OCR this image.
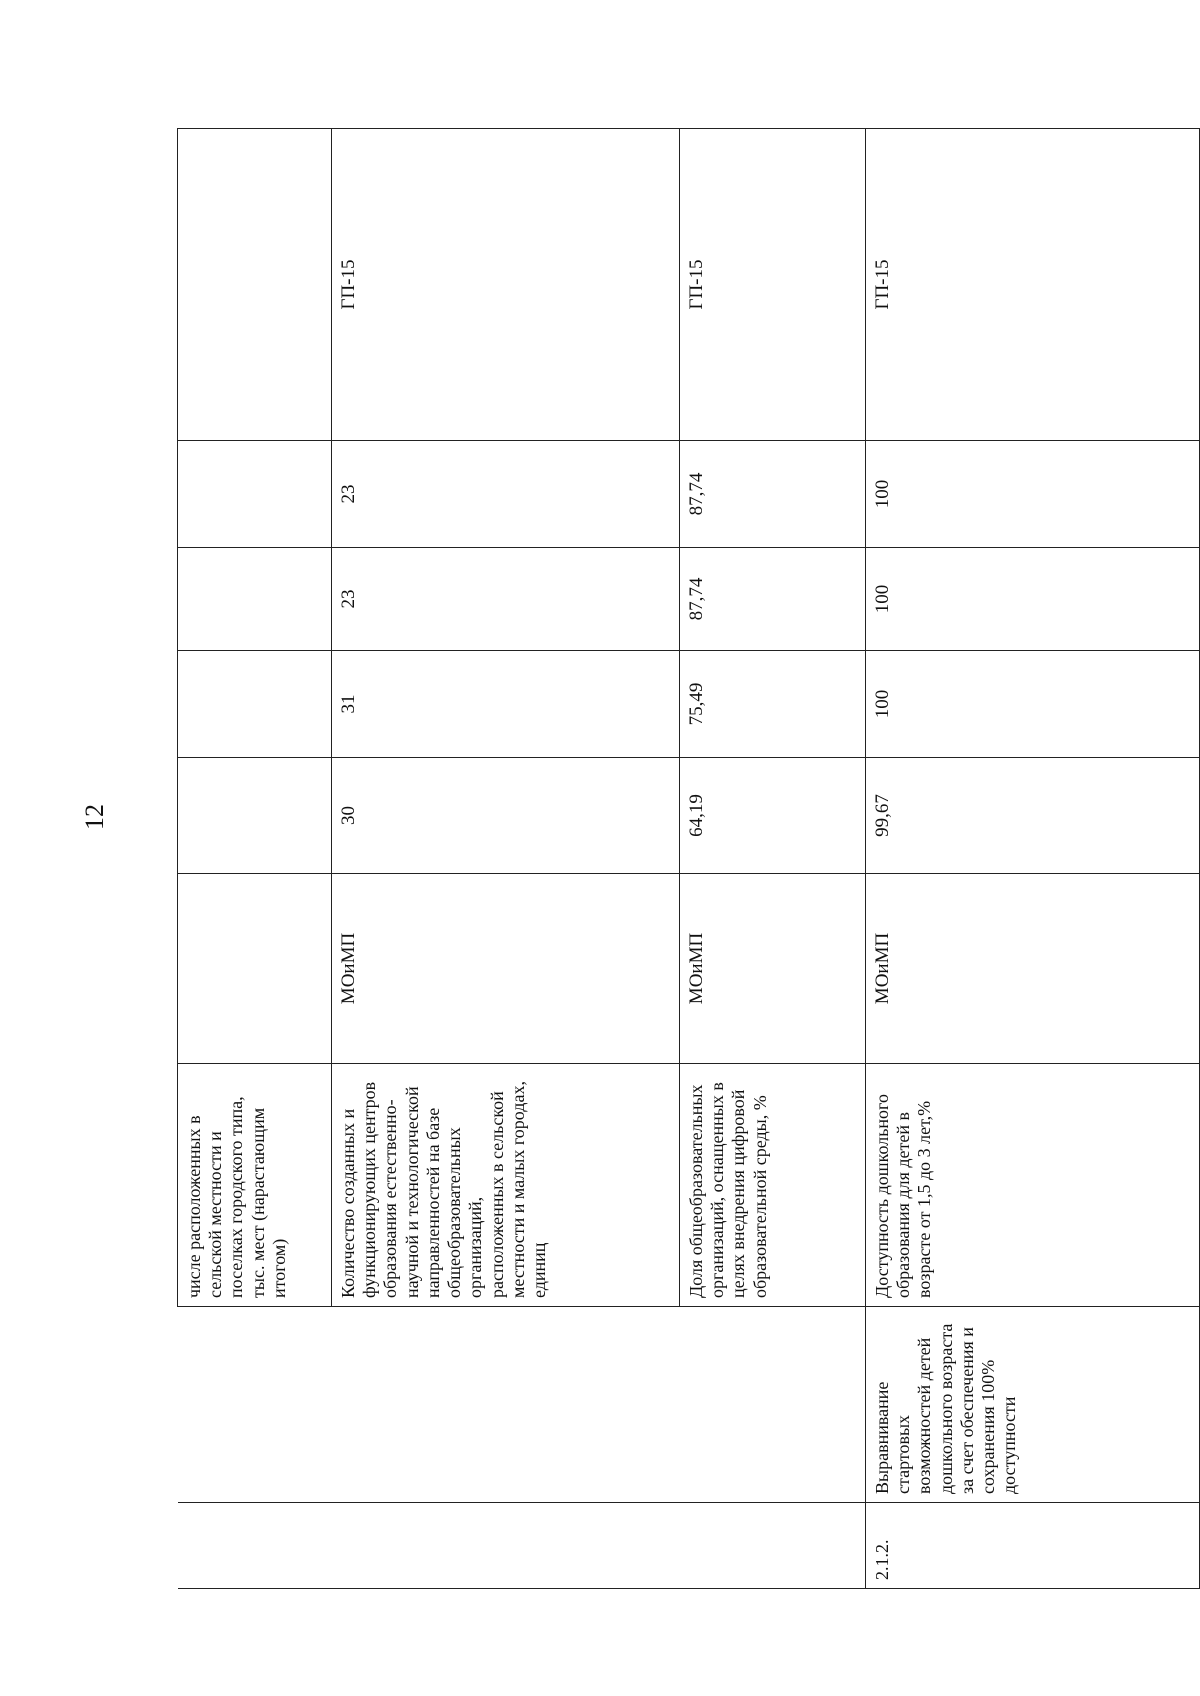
12
		числе расположенных в сельской местности и поселках городского типа, тыс. мест (нарастающим итогом)						
		Количество созданных и функционирующих центров образования естественно-научной и технологической направленностей на базе общеобразовательных организаций, расположенных в сельской местности и малых городах, единиц	МОиМП	30	31	23	23	ГП-15
		Доля общеобразовательных организаций, оснащенных в целях внедрения цифровой образовательной среды, %	МОиМП	64,19	75,49	87,74	87,74	ГП-15
2.1.2.	Выравнивание стартовых возможностей детей дошкольного возраста за счет обеспечения и сохранения 100% доступности	Доступность дошкольного образования для детей в возрасте от 1,5 до 3 лет,%	МОиМП	99,67	100	100	100	ГП-15
